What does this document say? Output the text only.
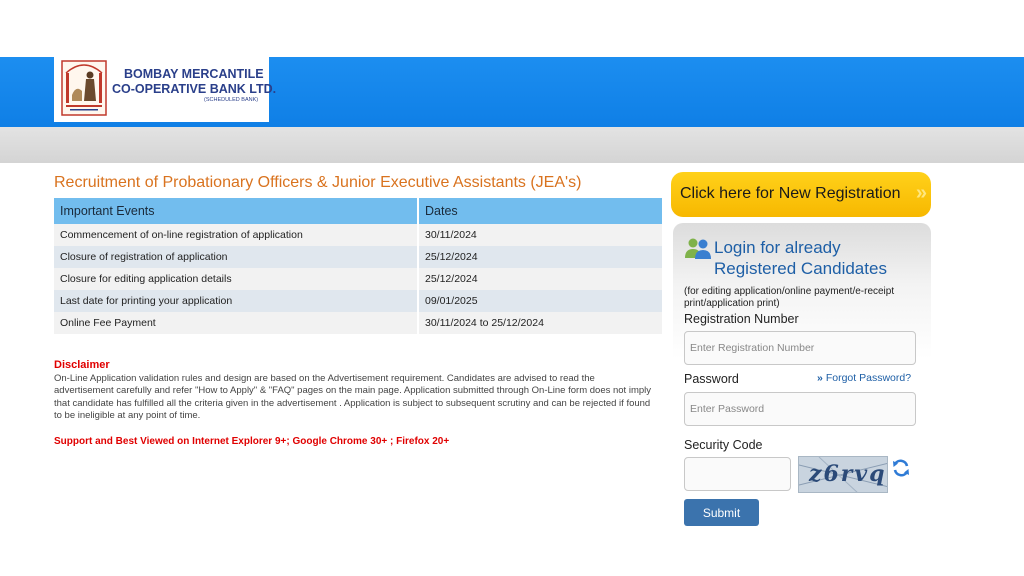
BOMBAY MERCANTILE
CO-OPERATIVE BANK LTD.
(SCHEDULED BANK)
Recruitment of Probationary Officers & Junior Executive Assistants (JEA's)
Important Events	Dates
Commencement of on-line registration of application	30/11/2024
Closure of registration of application	25/12/2024
Closure for editing application details	25/12/2024
Last date for printing your application	09/01/2025
Online Fee Payment	30/11/2024 to 25/12/2024
Disclaimer
On-Line Application validation rules and design are based on the Advertisement requirement. Candidates are advised to read the advertisement carefully and refer "How to Apply" & "FAQ" pages on the main page. Application submitted through On-Line form does not imply that candidate has fulfilled all the criteria given in the advertisement . Application is subject to subsequent scrutiny and can be rejected if found to be ineligible at any point of time.
Support and Best Viewed on Internet Explorer 9+; Google Chrome 30+ ; Firefox 20+
Click here for New Registration »
Login for already Registered Candidates
(for editing application/online payment/e-receipt print/application print)
Registration Number
Enter Registration Number
Password	» Forgot Password?
Security Code
z6rvq
Submit
